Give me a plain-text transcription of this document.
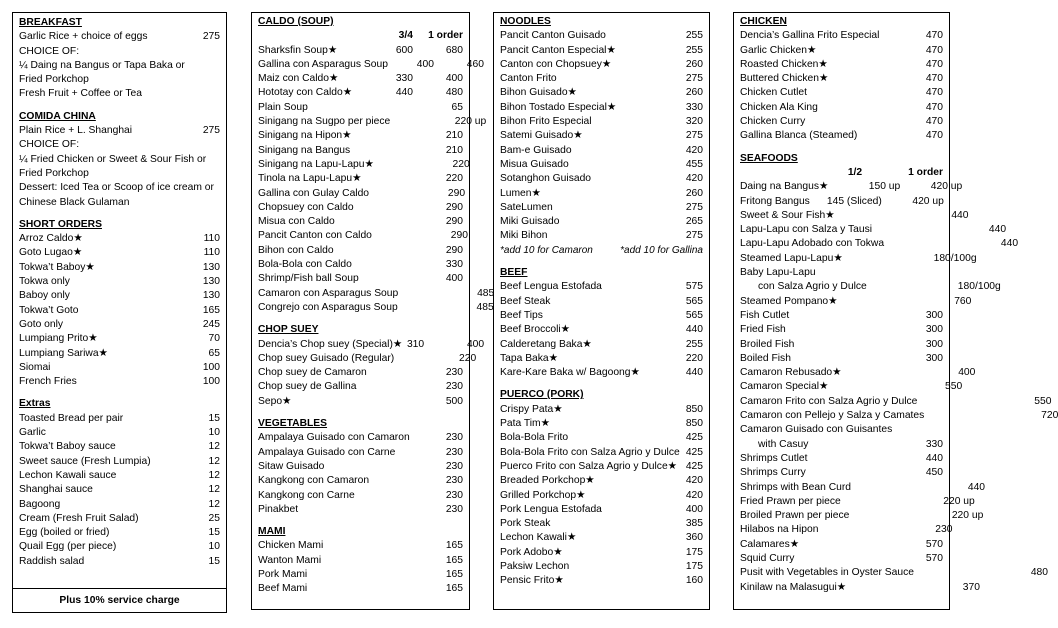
BREAKFAST
Garlic Rice + choice of eggs	275
CHOICE OF:
¼ Daing na Bangus or Tapa Baka or
Fried Porkchop
Fresh Fruit + Coffee or Tea
COMIDA CHINA
Plain Rice + L. Shanghai	275
CHOICE OF:
¼ Fried Chicken or Sweet & Sour Fish or
Fried Porkchop
Dessert: Iced Tea or Scoop of ice cream or
Chinese Black Gulaman
SHORT ORDERS
Arroz Caldo★	110
Goto Lugao★	110
Tokwa’t Baboy★	130
Tokwa only	130
Baboy only	130
Tokwa’t Goto	165
Goto only	245
Lumpiang Prito★	70
Lumpiang Sariwa★	65
Siomai	100
French Fries	100
Extras
Toasted Bread per pair	15
Garlic	10
Tokwa’t Baboy sauce	12
Sweet sauce (Fresh Lumpia)	12
Lechon Kawali sauce	12
Shanghai sauce	12
Bagoong	12
Cream (Fresh Fruit Salad)	25
Egg (boiled or fried)	15
Quail Egg (per piece)	10
Raddish salad	15
Plus 10% service charge
CALDO (SOUP)
3/4	1 order
Sharksfin Soup★	600	680
Gallina con Asparagus Soup	400	460
Maiz con Caldo★	330	400
Hototay con Caldo★	440	480
Plain Soup	65
Sinigang na Sugpo per piece	220 up
Sinigang na Hipon★	210
Sinigang na Bangus	210
Sinigang na Lapu-Lapu★	220
Tinola na Lapu-Lapu★	220
Gallina con Gulay Caldo	290
Chopsuey con Caldo	290
Misua con Caldo	290
Pancit Canton con Caldo	290
Bihon con Caldo	290
Bola-Bola con Caldo	330
Shrimp/Fish ball Soup	400
Camaron con Asparagus Soup	485
Congrejo con Asparagus Soup	485
CHOP SUEY
Dencia’s Chop suey (Special)★ 310	400
Chop suey Guisado (Regular)	220
Chop suey de Camaron	230
Chop suey de Gallina	230
Sepo★	500
VEGETABLES
Ampalaya Guisado con Camaron	230
Ampalaya Guisado con Carne	230
Sitaw Guisado	230
Kangkong con Camaron	230
Kangkong con Carne	230
Pinakbet	230
MAMI
Chicken Mami	165
Wanton Mami	165
Pork Mami	165
Beef Mami	165
NOODLES
Pancit Canton Guisado	255
Pancit Canton Especial★	255
Canton con Chopsuey★	260
Canton Frito	275
Bihon Guisado★	260
Bihon Tostado Especial★	330
Bihon Frito Especial	320
Satemi Guisado★	275
Bam-e Guisado	420
Misua Guisado	455
Sotanghon Guisado	420
Lumen★	260
SateLumen	275
Miki Guisado	265
Miki Bihon	275
*add 10 for Camaron	*add 10 for Gallina
BEEF
Beef Lengua Estofada	575
Beef Steak	565
Beef Tips	565
Beef Broccoli★	440
Calderetang Baka★	255
Tapa Baka★	220
Kare-Kare Baka w/ Bagoong★	440
PUERCO (PORK)
Crispy Pata★	850
Pata Tim★	850
Bola-Bola Frito	425
Bola-Bola Frito con Salza Agrio y Dulce 425
Puerco Frito con Salza Agrio y Dulce★ 425
Breaded Porkchop★	420
Grilled Porkchop★	420
Pork Lengua Estofada	400
Pork Steak	385
Lechon Kawali★	360
Pork Adobo★	175
Paksiw Lechon	175
Pensic Frito★	160
CHICKEN
Dencia’s Gallina Frito Especial	470
Garlic Chicken★	470
Roasted Chicken★	470
Buttered Chicken★	470
Chicken Cutlet	470
Chicken Ala King	470
Chicken Curry	470
Gallina Blanca (Steamed)	470
SEAFOODS
1/2	1 order
Daing na Bangus★	150 up	420 up
Fritong Bangus	145 (Sliced)	420 up
Sweet & Sour Fish★	440
Lapu-Lapu con Salza y Tausi	440
Lapu-Lapu Adobado con Tokwa	440
Steamed Lapu-Lapu★	180/100g
Baby Lapu-Lapu
con Salza Agrio y Dulce	180/100g
Steamed Pompano★	760
Fish Cutlet	300
Fried Fish	300
Broiled Fish	300
Boiled Fish	300
Camaron Rebusado★	400
Camaron Special★	550
Camaron Frito con Salza Agrio y Dulce	550
Camaron con Pellejo y Salza y Camates	720
Camaron Guisado con Guisantes
with Casuy	330
Shrimps Cutlet	440
Shrimps Curry	450
Shrimps with Bean Curd	440
Fried Prawn per piece	220 up
Broiled Prawn per piece	220 up
Hilabos na Hipon	230
Calamares★	570
Squid Curry	570
Pusit with Vegetables in Oyster Sauce	480
Kinilaw na Malasugui★	370
